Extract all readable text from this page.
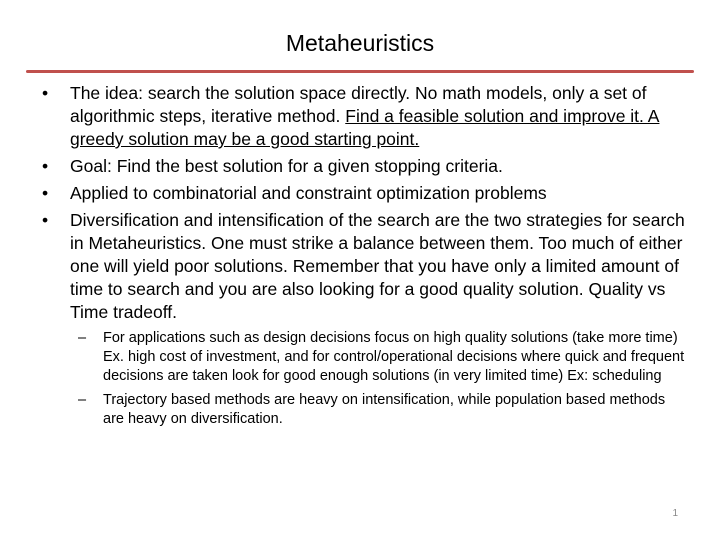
Metaheuristics
• The idea: search the solution space directly. No math models, only a set of algorithmic steps, iterative method. Find a feasible solution and improve it. A greedy solution may be a good starting point.
• Goal: Find the best solution for a given stopping criteria.
• Applied to combinatorial and constraint optimization problems
• Diversification and intensification of the search are the two strategies for search in Metaheuristics. One must strike a balance between them. Too much of either one will yield poor solutions. Remember that you have only a limited amount of time to search and you are also looking for a good quality solution. Quality vs Time tradeoff.
– For applications such as design decisions focus on high quality solutions (take more time) Ex. high cost of investment, and for control/operational decisions where quick and frequent decisions are taken look for good enough solutions (in very limited time) Ex: scheduling
– Trajectory based methods are heavy on intensification, while population based methods are heavy on diversification.
1
